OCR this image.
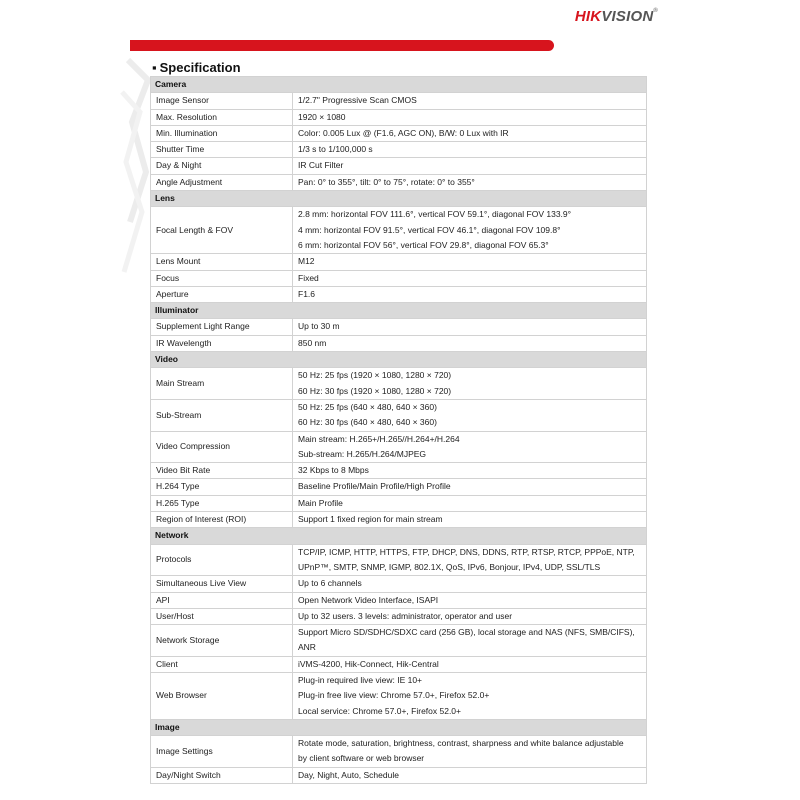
HIKVISION®
▪ Specification
Camera	
Image Sensor	1/2.7" Progressive Scan CMOS

Max. Resolution	1920 × 1080

Min. Illumination	Color: 0.005 Lux @ (F1.6, AGC ON), B/W: 0 Lux with IR

Shutter Time	1/3 s to 1/100,000 s

Day & Night	IR Cut Filter

Angle Adjustment	Pan: 0° to 355°, tilt: 0° to 75°, rotate: 0° to 355°

Lens	
Focal Length & FOV	2.8 mm: horizontal FOV 111.6°, vertical FOV 59.1°, diagonal FOV 133.9°
4 mm: horizontal FOV 91.5°, vertical FOV 46.1°, diagonal FOV 109.8°
6 mm: horizontal FOV 56°, vertical FOV 29.8°, diagonal FOV 65.3°

Lens Mount	M12

Focus	Fixed

Aperture	F1.6

Illuminator	
Supplement Light Range	Up to 30 m

IR Wavelength	850 nm

Video	
Main Stream	50 Hz: 25 fps (1920 × 1080, 1280 × 720)
60 Hz: 30 fps (1920 × 1080, 1280 × 720)

Sub-Stream	50 Hz: 25 fps (640 × 480, 640 × 360)
60 Hz: 30 fps (640 × 480, 640 × 360)

Video Compression	Main stream: H.265+/H.265//H.264+/H.264
Sub-stream: H.265/H.264/MJPEG

Video Bit Rate	32 Kbps to 8 Mbps

H.264 Type	Baseline Profile/Main Profile/High Profile

H.265 Type	Main Profile

Region of Interest (ROI)	Support 1 fixed region for main stream

Network	
Protocols	TCP/IP, ICMP, HTTP, HTTPS, FTP, DHCP, DNS, DDNS, RTP, RTSP, RTCP, PPPoE, NTP,
UPnP™, SMTP, SNMP, IGMP, 802.1X, QoS, IPv6, Bonjour, IPv4, UDP, SSL/TLS

Simultaneous Live View	Up to 6 channels

API	Open Network Video Interface, ISAPI

User/Host	Up to 32 users. 3 levels: administrator, operator and user

Network Storage	Support Micro SD/SDHC/SDXC card (256 GB), local storage and NAS (NFS, SMB/CIFS),
ANR

Client	iVMS-4200, Hik-Connect, Hik-Central

Web Browser	Plug-in required live view: IE 10+
Plug-in free live view: Chrome 57.0+, Firefox 52.0+
Local service: Chrome 57.0+, Firefox 52.0+

Image	
Image Settings	Rotate mode, saturation, brightness, contrast, sharpness and white balance adjustable
by client software or web browser

Day/Night Switch	Day, Night, Auto, Schedule
